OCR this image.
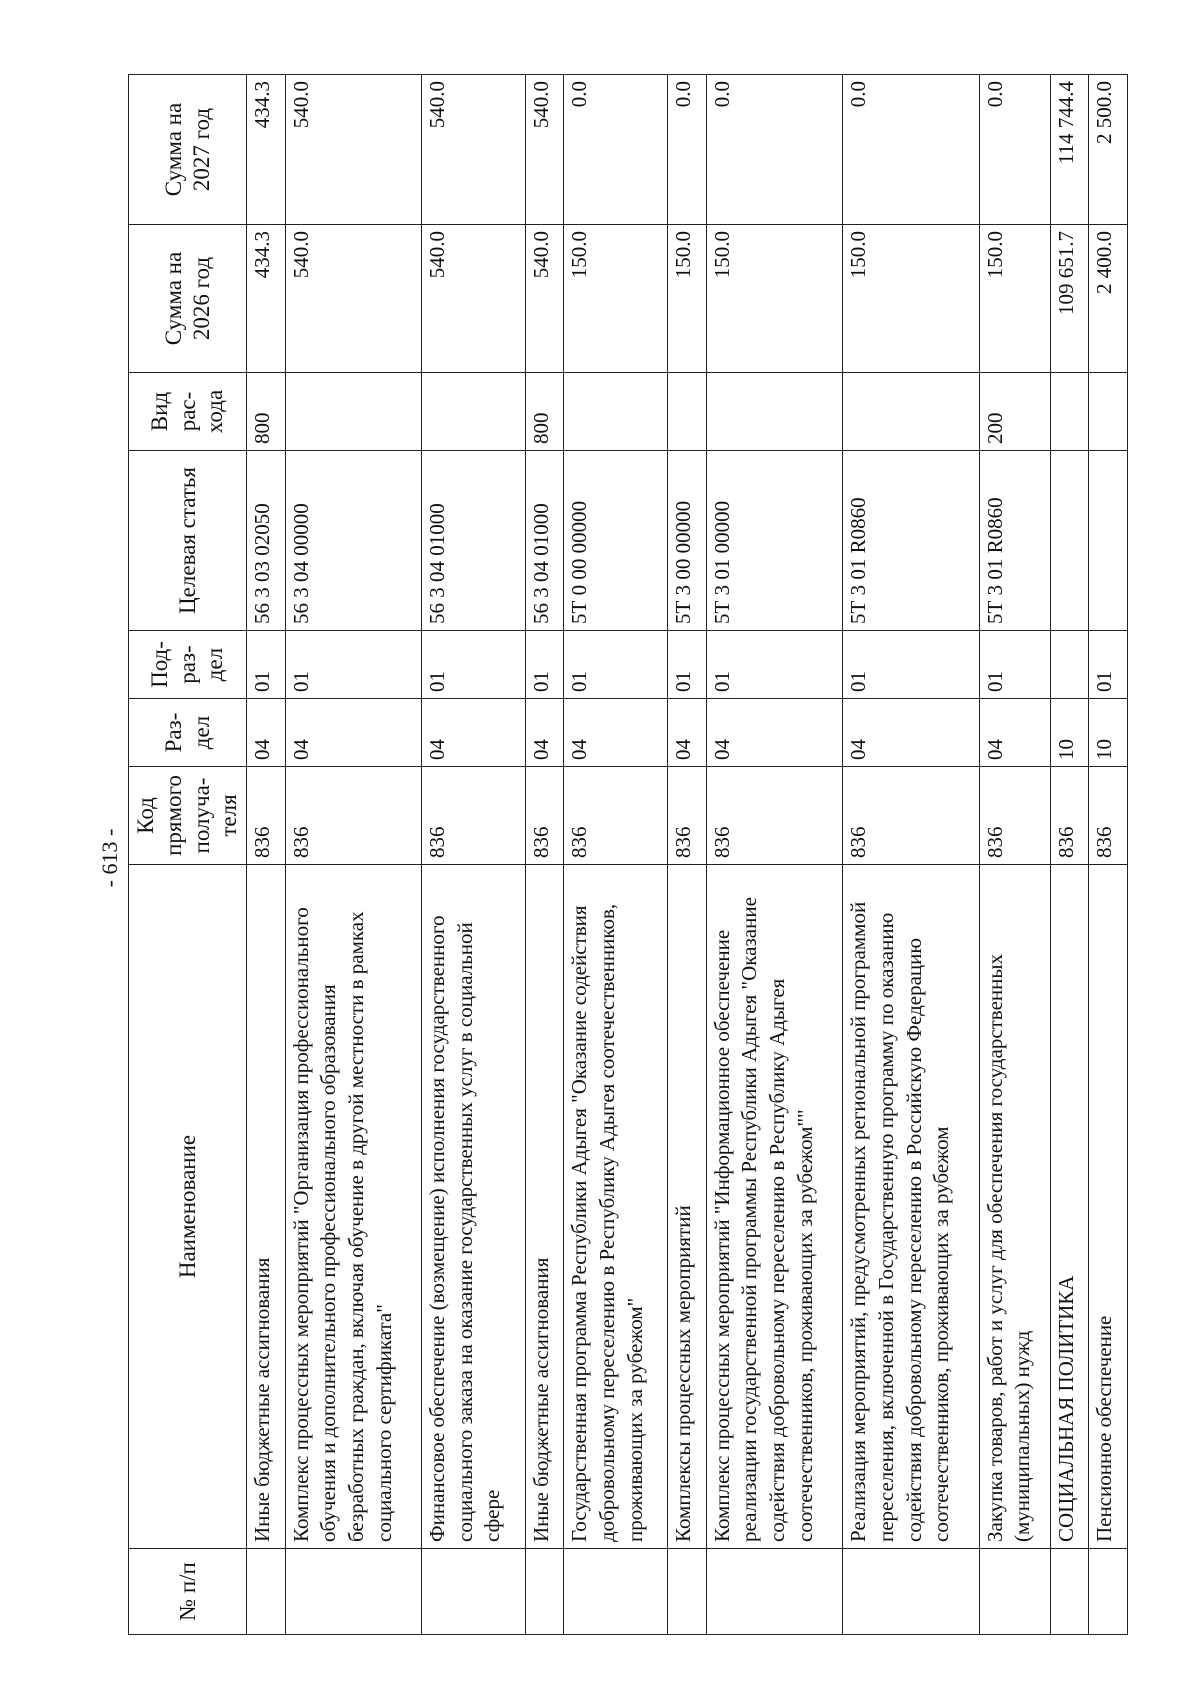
- 613 -
№ п/п	Наименование	Код прямого получа-теля	Раз-дел	Под-раз-дел	Целевая статья	Вид рас-хода	Сумма на 2026 год	Сумма на 2027 год
	Иные бюджетные ассигнования	836	04	01	56 3 03 02050	800	434.3	434.3
	Комплекс процессных мероприятий "Организация профессионального обучения и дополнительного профессионального образования безработных граждан, включая обучение в другой местности в рамках социального сертификата"	836	04	01	56 3 04 00000		540.0	540.0
	Финансовое обеспечение (возмещение) исполнения государственного социального заказа на оказание государственных услуг в социальной сфере	836	04	01	56 3 04 01000		540.0	540.0
	Иные бюджетные ассигнования	836	04	01	56 3 04 01000	800	540.0	540.0
	Государственная программа Республики Адыгея "Оказание содействия добровольному переселению в Республику Адыгея соотечественников, проживающих за рубежом"	836	04	01	5Т 0 00 00000		150.0	0.0
	Комплексы процессных мероприятий	836	04	01	5Т 3 00 00000		150.0	0.0
	Комплекс процессных мероприятий "Информационное обеспечение реализации государственной программы Республики Адыгея "Оказание содействия добровольному переселению в Республику Адыгея соотечественников, проживающих за рубежом""	836	04	01	5Т 3 01 00000		150.0	0.0
	Реализация мероприятий, предусмотренных региональной программой переселения, включенной в Государственную программу по оказанию содействия добровольному переселению в Российскую Федерацию соотечественников, проживающих за рубежом	836	04	01	5Т 3 01 R0860		150.0	0.0
	Закупка товаров, работ и услуг для обеспечения государственных (муниципальных) нужд	836	04	01	5Т 3 01 R0860	200	150.0	0.0
	СОЦИАЛЬНАЯ ПОЛИТИКА	836	10				109 651.7	114 744.4
	Пенсионное обеспечение	836	10	01			2 400.0	2 500.0
